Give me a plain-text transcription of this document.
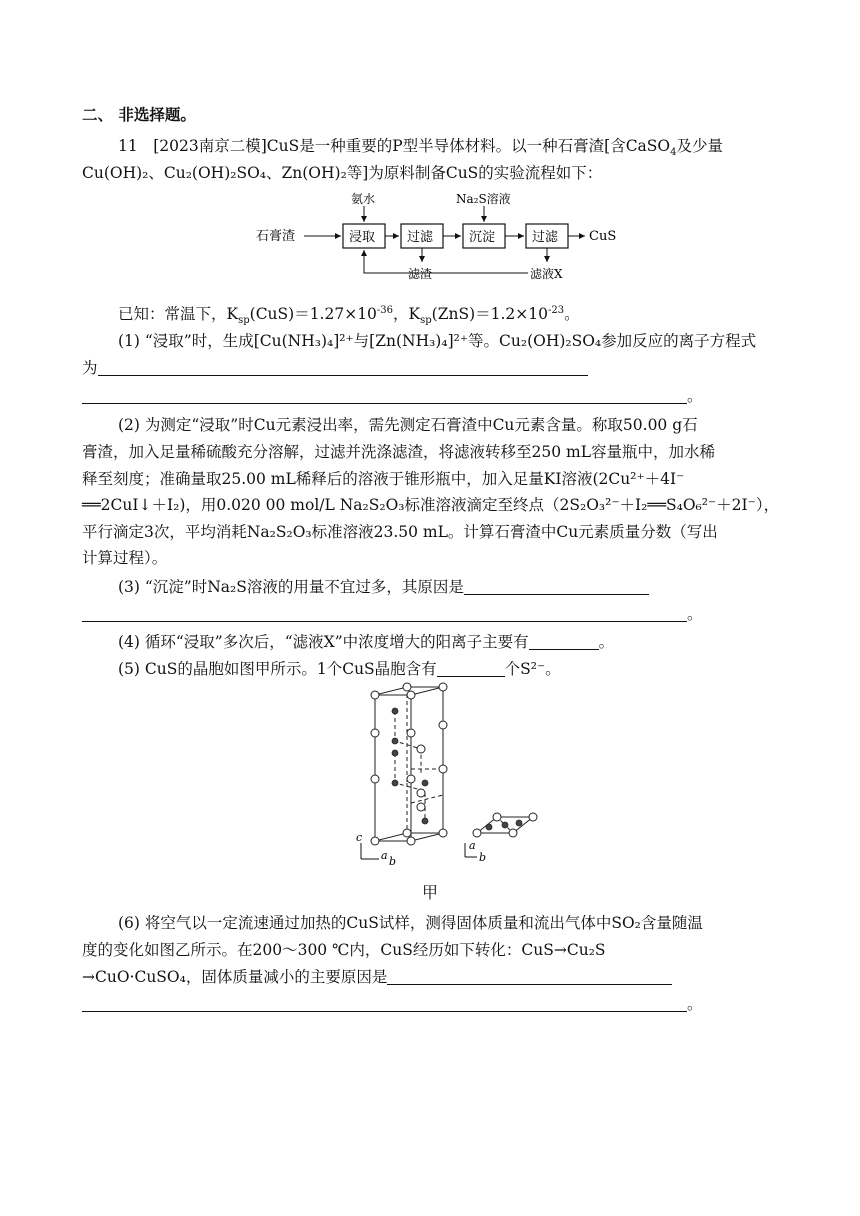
二、 非选择题。
11　[2023南京二模]CuS是一种重要的P型半导体材料。以一种石膏渣[含CaSO$_4$及少量
Cu(OH)₂、Cu₂(OH)₂SO₄、Zn(OH)₂等]为原料制备CuS的实验流程如下：
石膏渣	浸取 过滤	沉淀	过滤 CuS
氨水	Na₂S溶液
滤渣	滤液X
已知：常温下，$K_{sp}(CuS)=1.27\times 10^{-36}$，$K_{sp}(ZnS)=1.2\times 10^{-23}$。
(1) “浸取”时，生成[Cu(NH₃)₄]²⁺与[Zn(NH₃)₄]²⁺等。Cu₂(OH)₂SO₄参加反应的离子方程式
为
。
(2) 为测定“浸取”时Cu元素浸出率，需先测定石膏渣中Cu元素含量。称取50.00 g石
膏渣，加入足量稀硫酸充分溶解，过滤并洗涤滤渣，将滤液转移至250 mL容量瓶中，加水稀
释至刻度；准确量取25.00 mL稀释后的溶液于锥形瓶中，加入足量KI溶液(2Cu²⁺＋4I⁻
══2CuI↓＋I₂)，用0.020 00 mol/L Na₂S₂O₃标准溶液滴定至终点（2S₂O₃²⁻＋I₂══S₄O₆²⁻＋2I⁻），
平行滴定3次，平均消耗Na₂S₂O₃标准溶液23.50 mL。计算石膏渣中Cu元素质量分数（写出
计算过程）。
(3) “沉淀”时Na₂S溶液的用量不宜过多，其原因是
。
(4) 循环“浸取”多次后，“滤液X”中浓度增大的阳离子主要有	。
(5) CuS的晶胞如图甲所示。1个CuS晶胞含有	个S²⁻。
c
a b
a
b
甲
(6) 将空气以一定流速通过加热的CuS试样，测得固体质量和流出气体中SO₂含量随温
度的变化如图乙所示。在200～300 ℃内，CuS经历如下转化：CuS→Cu₂S
→CuO·CuSO₄，固体质量减小的主要原因是
。
